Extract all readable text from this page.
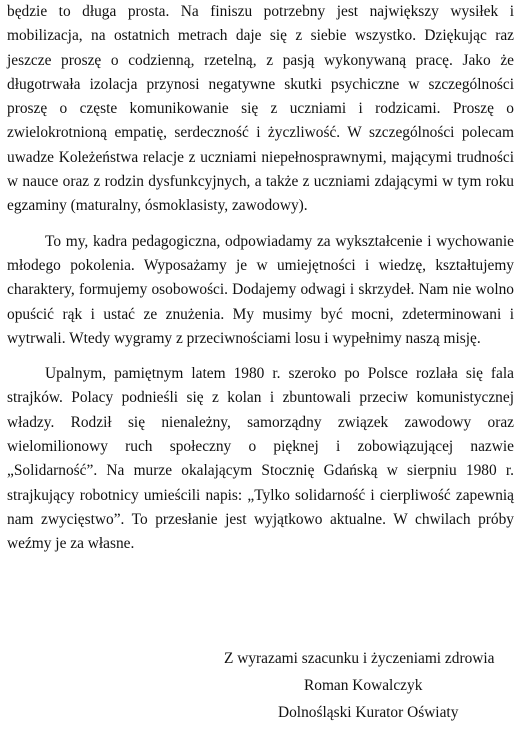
będzie to długa prosta. Na finiszu potrzebny jest największy wysiłek i mobilizacja, na ostatnich metrach daje się z siebie wszystko. Dziękując raz jeszcze proszę o codzienną, rzetelną, z pasją wykonywaną pracę. Jako że długotrwała izolacja przynosi negatywne skutki psychiczne w szczególności proszę o częste komunikowanie się z uczniami i rodzicami. Proszę o zwielokrotnioną empatię, serdeczność i życzliwość. W szczególności polecam uwadze Koleżeństwa relacje z uczniami niepełnosprawnymi, mającymi trudności w nauce oraz z rodzin dysfunkcyjnych, a także z uczniami zdającymi w tym roku egzaminy (maturalny, ósmoklasisty, zawodowy).

To my, kadra pedagogiczna, odpowiadamy za wykształcenie i wychowanie młodego pokolenia. Wyposażamy je w umiejętności i wiedzę, kształtujemy charaktery, formujemy osobowości. Dodajemy odwagi i skrzydeł. Nam nie wolno opuścić rąk i ustać ze znużenia. My musimy być mocni, zdeterminowani i wytrwali. Wtedy wygramy z przeciwnościami losu i wypełnimy naszą misję.

Upalnym, pamiętnym latem 1980 r. szeroko po Polsce rozlała się fala strajków. Polacy podnieśli się z kolan i zbuntowali przeciw komunistycznej władzy. Rodził się nienależny, samorządny związek zawodowy oraz wielomilionowy ruch społeczny o pięknej i zobowiązującej nazwie „Solidarność”. Na murze okalającym Stocznię Gdańską w sierpniu 1980 r. strajkujący robotnicy umieścili napis: „Tylko solidarność i cierpliwość zapewnią nam zwycięstwo”. To przesłanie jest wyjątkowo aktualne. W chwilach próby weźmy je za własne.

Z wyrazami szacunku i życzeniami zdrowia
Roman Kowalczyk
Dolnośląski Kurator Oświaty
